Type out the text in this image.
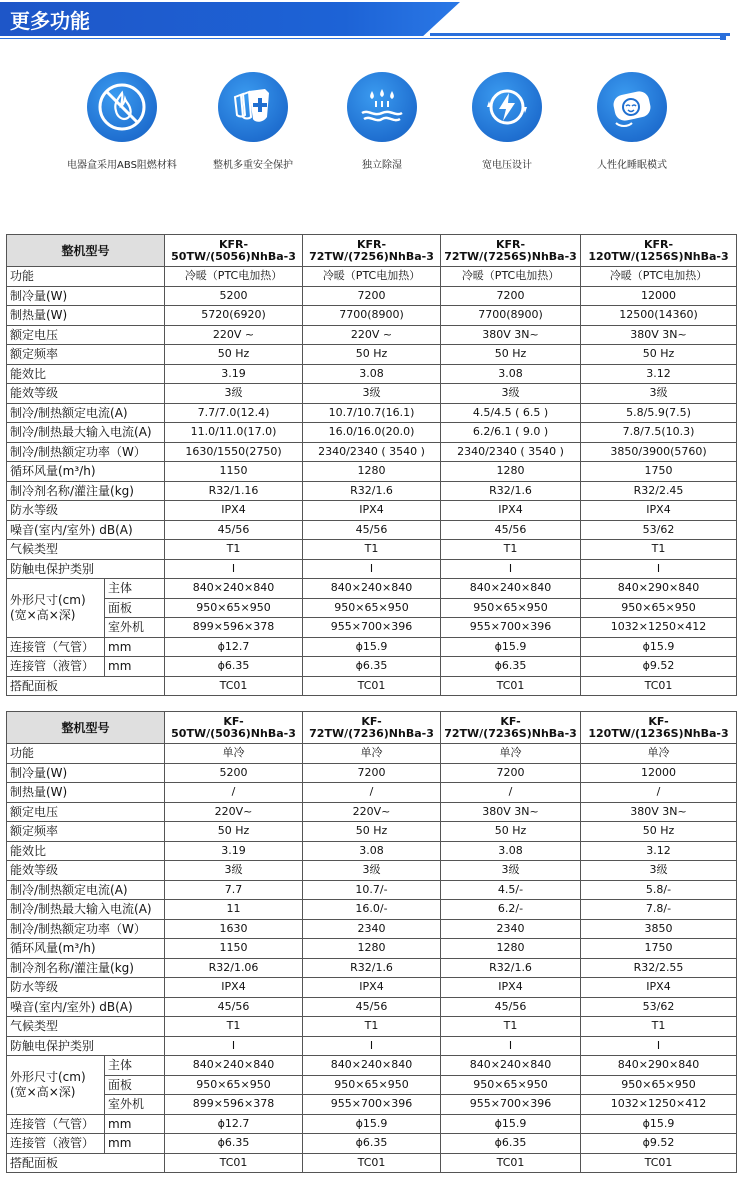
更多功能
电器盒采用ABS阻燃材料	整机多重安全保护	独立除湿	宽电压设计	人性化睡眠模式
整机型号		KFR-50TW/(5056)NhBa-3	KFR-72TW/(7256)NhBa-3	KFR-72TW/(7256S)NhBa-3	KFR-120TW/(1256S)NhBa-3
功能		冷暖（PTC电加热）	冷暖（PTC电加热）	冷暖（PTC电加热）	冷暖（PTC电加热）
制冷量(W)		5200	7200	7200	12000
制热量(W)		5720(6920)	7700(8900)	7700(8900)	12500(14360)
额定电压		220V ~	220V ~	380V 3N~	380V 3N~
额定频率		50 Hz	50 Hz	50 Hz	50 Hz
能效比		3.19	3.08	3.08	3.12
能效等级		3级	3级	3级	3级
制冷/制热额定电流(A)		7.7/7.0(12.4)	10.7/10.7(16.1)	4.5/4.5 ( 6.5 )	5.8/5.9(7.5)
制冷/制热最大输入电流(A)		11.0/11.0(17.0)	16.0/16.0(20.0)	6.2/6.1 ( 9.0 )	7.8/7.5(10.3)
制冷/制热额定功率（W）		1630/1550(2750)	2340/2340 ( 3540 )	2340/2340 ( 3540 )	3850/3900(5760)
循环风量(m³/h)		1150	1280	1280	1750
制冷剂名称/灌注量(kg)		R32/1.16	R32/1.6	R32/1.6	R32/2.45
防水等级		IPX4	IPX4	IPX4	IPX4
噪音(室内/室外) dB(A)		45/56	45/56	45/56	53/62
气候类型		T1	T1	T1	T1
防触电保护类别		I	I	I	I
外形尺寸(cm) (宽×高×深)	主体	840×240×840	840×240×840	840×240×840	840×290×840
	面板	950×65×950	950×65×950	950×65×950	950×65×950
	室外机	899×596×378	955×700×396	955×700×396	1032×1250×412
连接管（气管）	mm	ϕ12.7	ϕ15.9	ϕ15.9	ϕ15.9
连接管（液管）	mm	ϕ6.35	ϕ6.35	ϕ6.35	ϕ9.52
搭配面板		TC01	TC01	TC01	TC01
整机型号		KF-50TW/(5036)NhBa-3	KF-72TW/(7236)NhBa-3	KF-72TW/(7236S)NhBa-3	KF-120TW/(1236S)NhBa-3
功能		单冷	单冷	单冷	单冷
制冷量(W)		5200	7200	7200	12000
制热量(W)		/	/	/	/
额定电压		220V~	220V~	380V 3N~	380V 3N~
额定频率		50 Hz	50 Hz	50 Hz	50 Hz
能效比		3.19	3.08	3.08	3.12
能效等级		3级	3级	3级	3级
制冷/制热额定电流(A)		7.7	10.7/-	4.5/-	5.8/-
制冷/制热最大输入电流(A)		11	16.0/-	6.2/-	7.8/-
制冷/制热额定功率（W）		1630	2340	2340	3850
循环风量(m³/h)		1150	1280	1280	1750
制冷剂名称/灌注量(kg)		R32/1.06	R32/1.6	R32/1.6	R32/2.55
防水等级		IPX4	IPX4	IPX4	IPX4
噪音(室内/室外) dB(A)		45/56	45/56	45/56	53/62
气候类型		T1	T1	T1	T1
防触电保护类别		I	I	I	I
外形尺寸(cm) (宽×高×深)	主体	840×240×840	840×240×840	840×240×840	840×290×840
	面板	950×65×950	950×65×950	950×65×950	950×65×950
	室外机	899×596×378	955×700×396	955×700×396	1032×1250×412
连接管（气管）	mm	ϕ12.7	ϕ15.9	ϕ15.9	ϕ15.9
连接管（液管）	mm	ϕ6.35	ϕ6.35	ϕ6.35	ϕ9.52
搭配面板		TC01	TC01	TC01	TC01
